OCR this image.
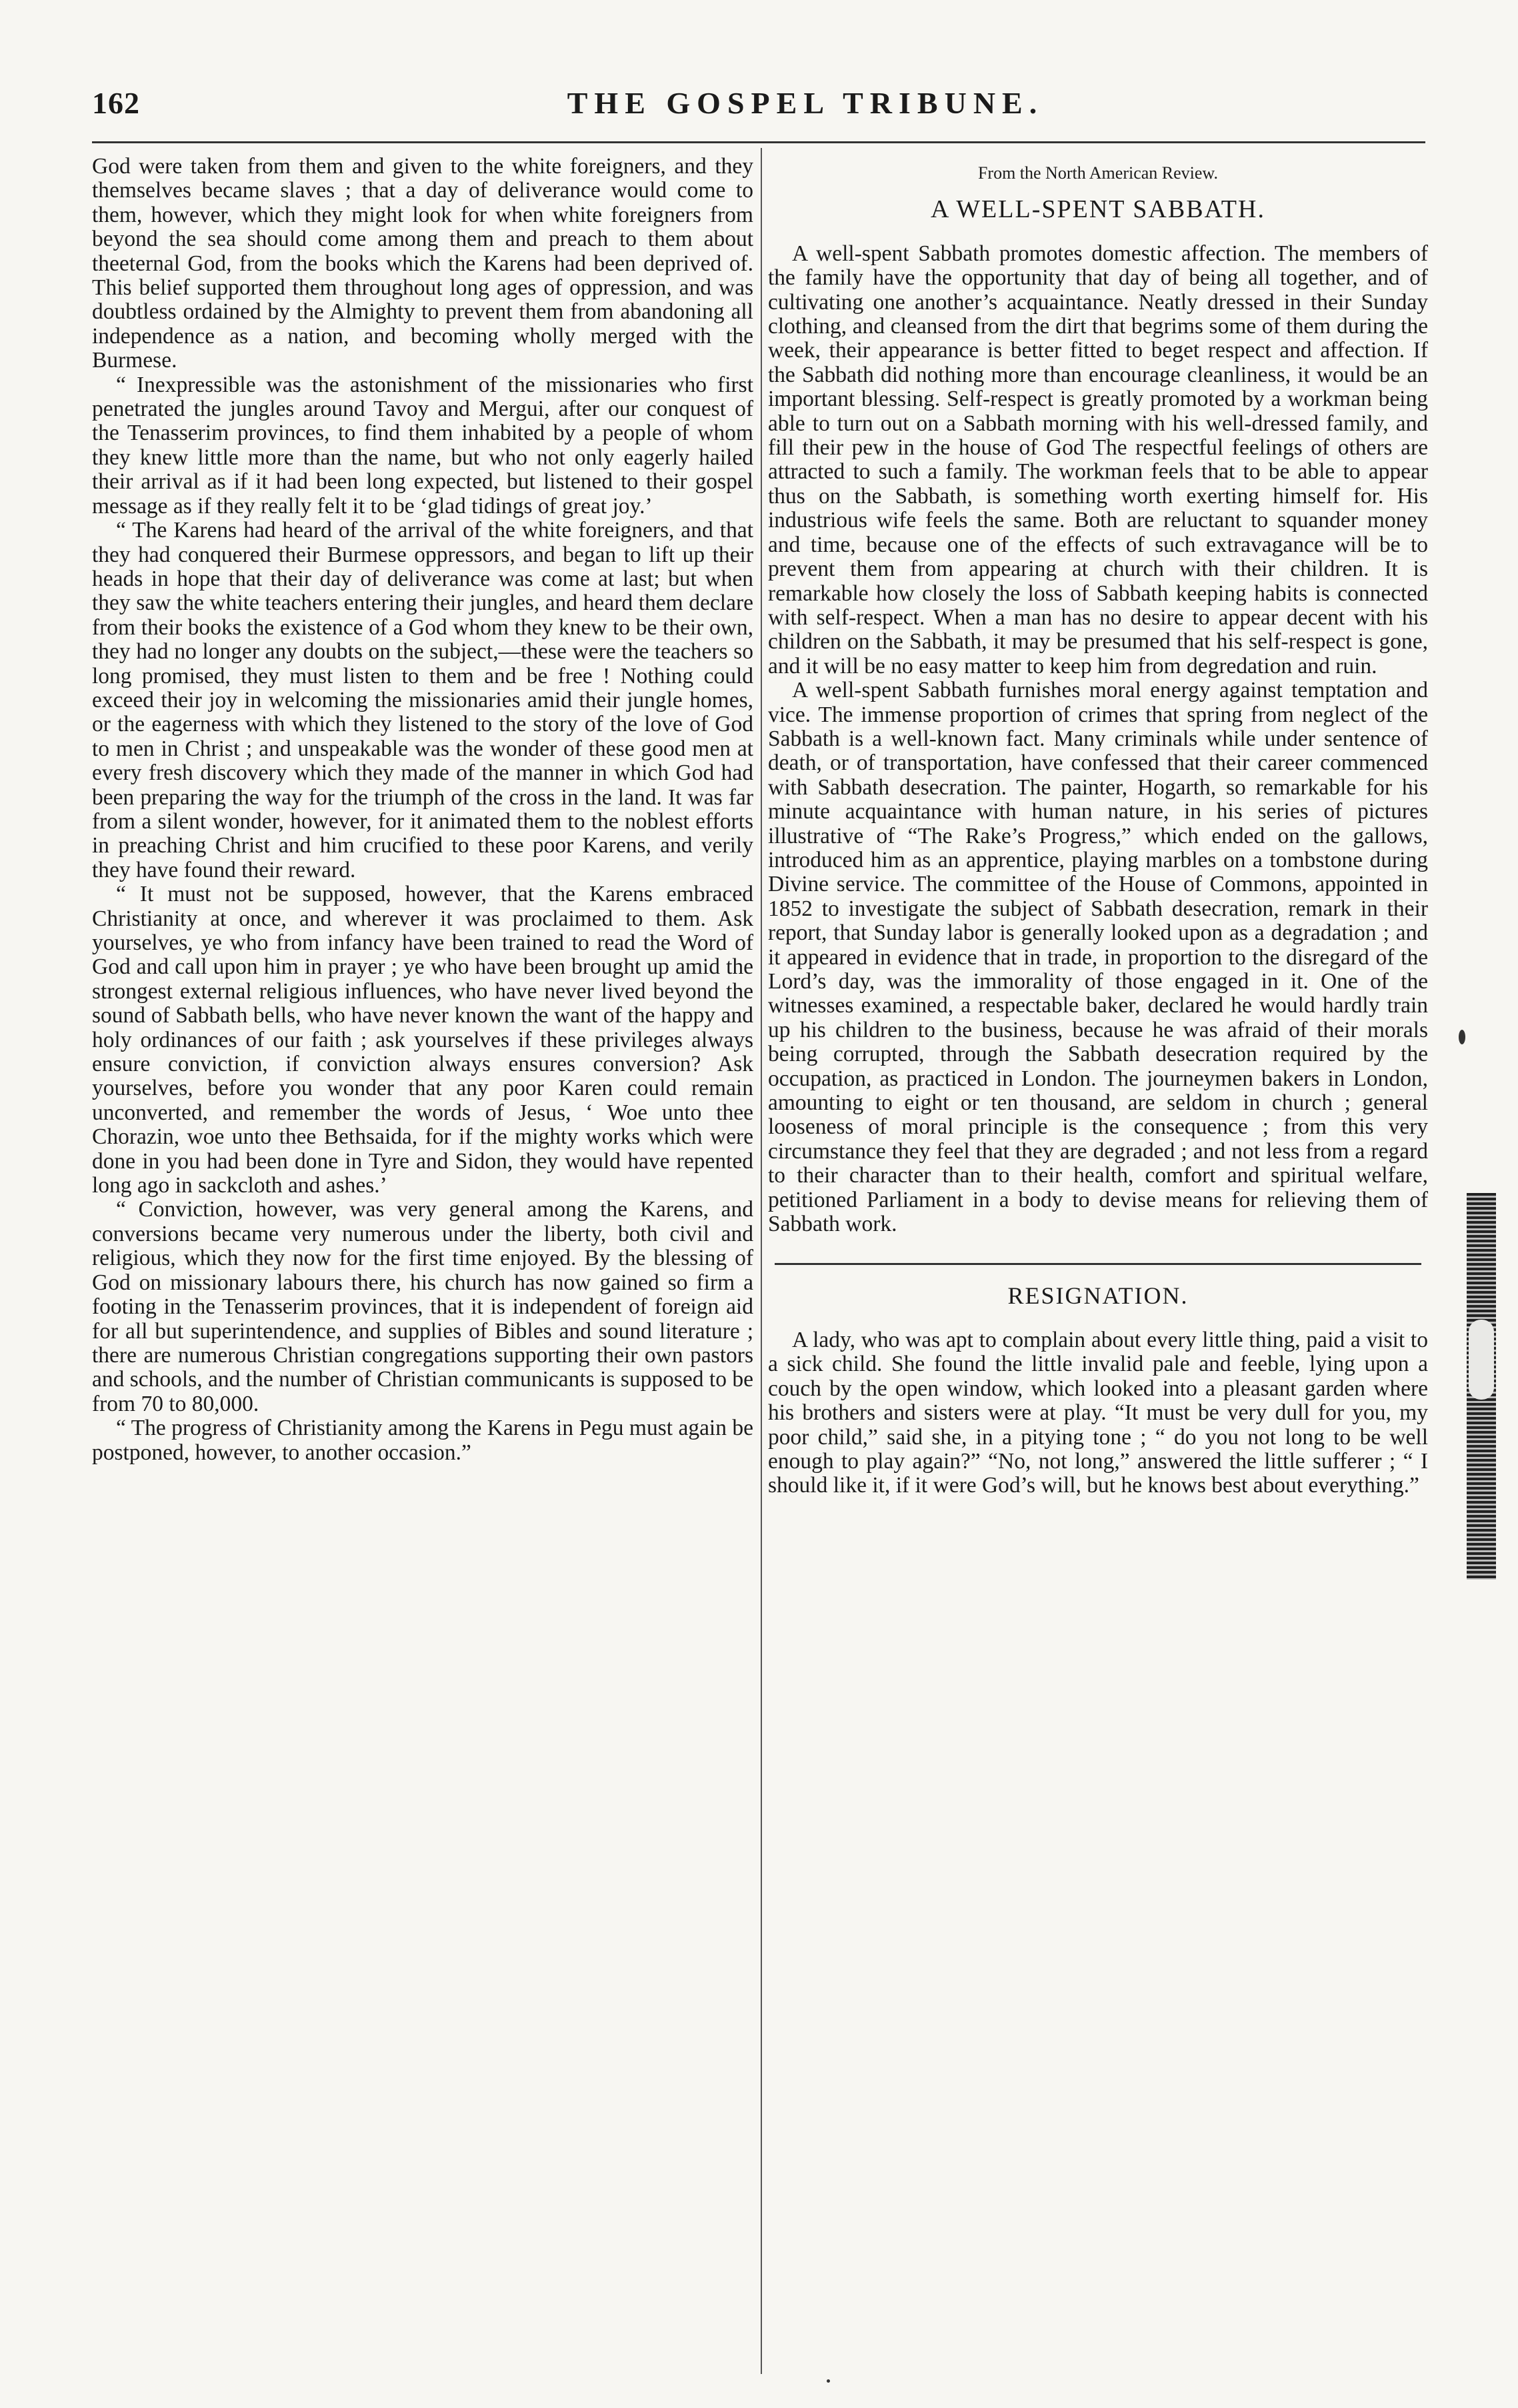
162	THE GOSPEL TRIBUNE.

God were taken from them and given to the white foreigners, and they themselves became slaves ; that a day of deliverance would come to them, however, which they might look for when white foreigners from beyond the sea should come among them and preach to them about theeternal God, from the books which the Karens had been deprived of. This belief supported them throughout long ages of oppression, and was doubtless ordained by the Almighty to prevent them from abandoning all independence as a nation, and becoming wholly merged with the Burmese.

“ Inexpressible was the astonishment of the missionaries who first penetrated the jungles around Tavoy and Mergui, after our conquest of the Tenasserim provinces, to find them inhabited by a people of whom they knew little more than the name, but who not only eagerly hailed their arrival as if it had been long expected, but listened to their gospel message as if they really felt it to be ‘glad tidings of great joy.’

“ The Karens had heard of the arrival of the white foreigners, and that they had conquered their Burmese oppressors, and began to lift up their heads in hope that their day of deliverance was come at last; but when they saw the white teachers entering their jungles, and heard them declare from their books the existence of a God whom they knew to be their own, they had no longer any doubts on the subject,—these were the teachers so long promised, they must listen to them and be free ! Nothing could exceed their joy in welcoming the missionaries amid their jungle homes, or the eagerness with which they listened to the story of the love of God to men in Christ ; and unspeakable was the wonder of these good men at every fresh discovery which they made of the manner in which God had been preparing the way for the triumph of the cross in the land. It was far from a silent wonder, however, for it animated them to the noblest efforts in preaching Christ and him crucified to these poor Karens, and verily they have found their reward.

“ It must not be supposed, however, that the Karens embraced Christianity at once, and wherever it was proclaimed to them. Ask yourselves, ye who from infancy have been trained to read the Word of God and call upon him in prayer ; ye who have been brought up amid the strongest external religious influences, who have never lived beyond the sound of Sabbath bells, who have never known the want of the happy and holy ordinances of our faith ; ask yourselves if these privileges always ensure conviction, if conviction always ensures conversion? Ask yourselves, before you wonder that any poor Karen could remain unconverted, and remember the words of Jesus, ‘ Woe unto thee Chorazin, woe unto thee Bethsaida, for if the mighty works which were done in you had been done in Tyre and Sidon, they would have repented long ago in sackcloth and ashes.’

“ Conviction, however, was very general among the Karens, and conversions became very numerous under the liberty, both civil and religious, which they now for the first time enjoyed. By the blessing of God on missionary labours there, his church has now gained so firm a footing in the Tenasserim provinces, that it is independent of foreign aid for all but superintendence, and supplies of Bibles and sound literature ; there are numerous Christian congregations supporting their own pastors and schools, and the number of Christian communicants is supposed to be from 70 to 80,000.

“ The progress of Christianity among the Karens in Pegu must again be postponed, however, to another occasion.”

From the North American Review.
A WELL-SPENT SABBATH.

A well-spent Sabbath promotes domestic affection. The members of the family have the opportunity that day of being all together, and of cultivating one another’s acquaintance. Neatly dressed in their Sunday clothing, and cleansed from the dirt that begrims some of them during the week, their appearance is better fitted to beget respect and affection. If the Sabbath did nothing more than encourage cleanliness, it would be an important blessing. Self-respect is greatly promoted by a workman being able to turn out on a Sabbath morning with his well-dressed family, and fill their pew in the house of God The respectful feelings of others are attracted to such a family. The workman feels that to be able to appear thus on the Sabbath, is something worth exerting himself for. His industrious wife feels the same. Both are reluctant to squander money and time, because one of the effects of such extravagance will be to prevent them from appearing at church with their children. It is remarkable how closely the loss of Sabbath keeping habits is connected with self-respect. When a man has no desire to appear decent with his children on the Sabbath, it may be presumed that his self-respect is gone, and it will be no easy matter to keep him from degredation and ruin.

A well-spent Sabbath furnishes moral energy against temptation and vice. The immense proportion of crimes that spring from neglect of the Sabbath is a well-known fact. Many criminals while under sentence of death, or of transportation, have confessed that their career commenced with Sabbath desecration. The painter, Hogarth, so remarkable for his minute acquaintance with human nature, in his series of pictures illustrative of “The Rake’s Progress,” which ended on the gallows, introduced him as an apprentice, playing marbles on a tombstone during Divine service. The committee of the House of Commons, appointed in 1852 to investigate the subject of Sabbath desecration, remark in their report, that Sunday labor is generally looked upon as a degradation ; and it appeared in evidence that in trade, in proportion to the disregard of the Lord’s day, was the immorality of those engaged in it. One of the witnesses examined, a respectable baker, declared he would hardly train up his children to the business, because he was afraid of their morals being corrupted, through the Sabbath desecration required by the occupation, as practiced in London. The journeymen bakers in London, amounting to eight or ten thousand, are seldom in church ; general looseness of moral principle is the consequence ; from this very circumstance they feel that they are degraded ; and not less from a regard to their character than to their health, comfort and spiritual welfare, petitioned Parliament in a body to devise means for relieving them of Sabbath work.

RESIGNATION.

A lady, who was apt to complain about every little thing, paid a visit to a sick child. She found the little invalid pale and feeble, lying upon a couch by the open window, which looked into a pleasant garden where his brothers and sisters were at play. “It must be very dull for you, my poor child,” said she, in a pitying tone ; “ do you not long to be well enough to play again?” “No, not long,” answered the little sufferer ; “ I should like it, if it were God’s will, but he knows best about everything.”
